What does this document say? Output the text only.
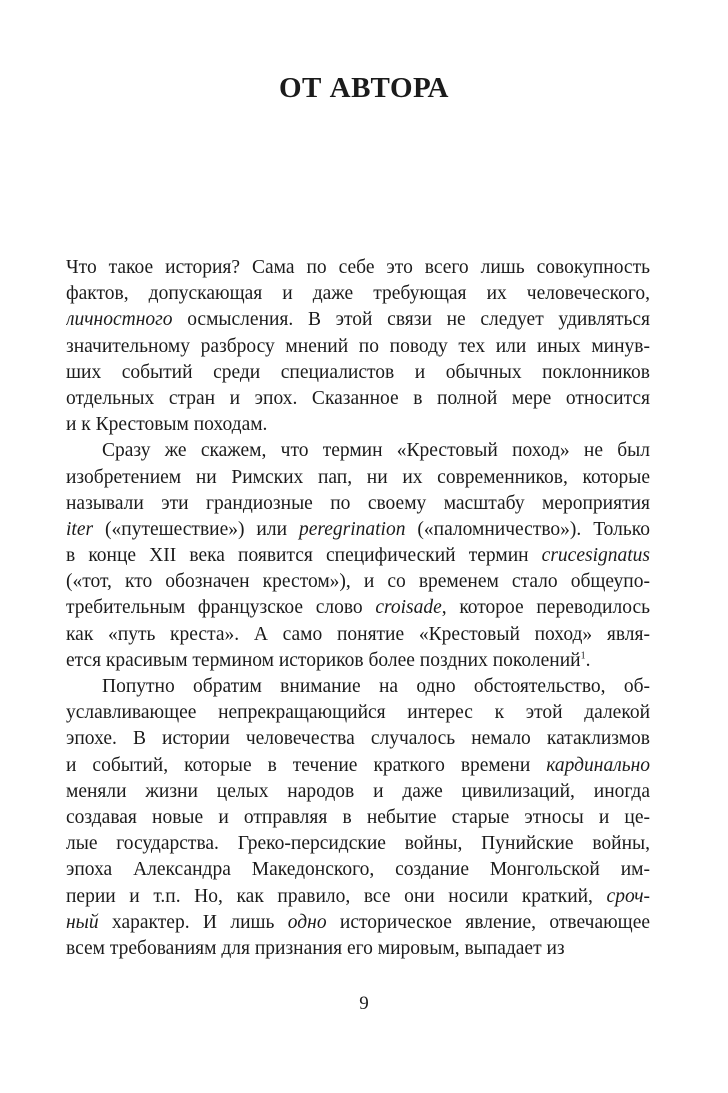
ОТ АВТОРА
Что такое история? Сама по себе это всего лишь совокупность
фактов, допускающая и даже требующая их человеческого,
личностного осмысления. В этой связи не следует удивляться
значительному разбросу мнений по поводу тех или иных минув-
ших событий среди специалистов и обычных поклонников
отдельных стран и эпох. Сказанное в полной мере относится
и к Крестовым походам.
Сразу же скажем, что термин «Крестовый поход» не был
изобретением ни Римских пап, ни их современников, которые
называли эти грандиозные по своему масштабу мероприятия
iter («путешествие») или peregrination («паломничество»). Только
в конце XII века появится специфический термин crucesignatus
(«тот, кто обозначен крестом»), и со временем стало общеупо-
требительным французское слово croisade, которое переводилось
как «путь креста». А само понятие «Крестовый поход» явля-
ется красивым термином историков более поздних поколений$^1$.
Попутно обратим внимание на одно обстоятельство, об-
уславливающее непрекращающийся интерес к этой далекой
эпохе. В истории человечества случалось немало катаклизмов
и событий, которые в течение краткого времени кардинально
меняли жизни целых народов и даже цивилизаций, иногда
создавая новые и отправляя в небытие старые этносы и це-
лые государства. Греко-персидские войны, Пунийские войны,
эпоха Александра Македонского, создание Монгольской им-
перии и т.п. Но, как правило, все они носили краткий, сроч-
ный характер. И лишь одно историческое явление, отвечающее
всем требованиям для признания его мировым, выпадает из
9
